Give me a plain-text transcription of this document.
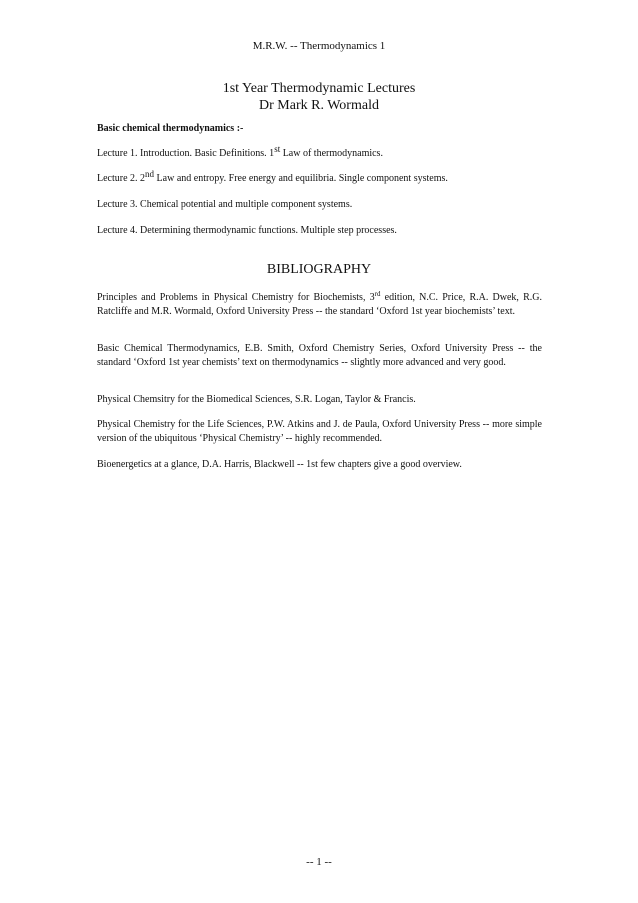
M.R.W. -- Thermodynamics 1
1st Year Thermodynamic Lectures
Dr Mark R. Wormald
Basic chemical thermodynamics :-
Lecture 1. Introduction. Basic Definitions. 1st Law of thermodynamics.
Lecture 2. 2nd Law and entropy. Free energy and equilibria. Single component systems.
Lecture 3. Chemical potential and multiple component systems.
Lecture 4. Determining thermodynamic functions. Multiple step processes.
BIBLIOGRAPHY
Principles and Problems in Physical Chemistry for Biochemists, 3rd edition, N.C. Price, R.A. Dwek, R.G. Ratcliffe and M.R. Wormald, Oxford University Press -- the standard ‘Oxford 1st year biochemists’ text.
Basic Chemical Thermodynamics, E.B. Smith, Oxford Chemistry Series, Oxford University Press -- the standard ‘Oxford 1st year chemists’ text on thermodynamics -- slightly more advanced and very good.
Physical Chemsitry for the Biomedical Sciences, S.R. Logan, Taylor & Francis.
Physical Chemistry for the Life Sciences, P.W. Atkins and J. de Paula, Oxford University Press -- more simple version of the ubiquitous ‘Physical Chemistry’ -- highly recommended.
Bioenergetics at a glance, D.A. Harris, Blackwell -- 1st few chapters give a good overview.
-- 1 --
